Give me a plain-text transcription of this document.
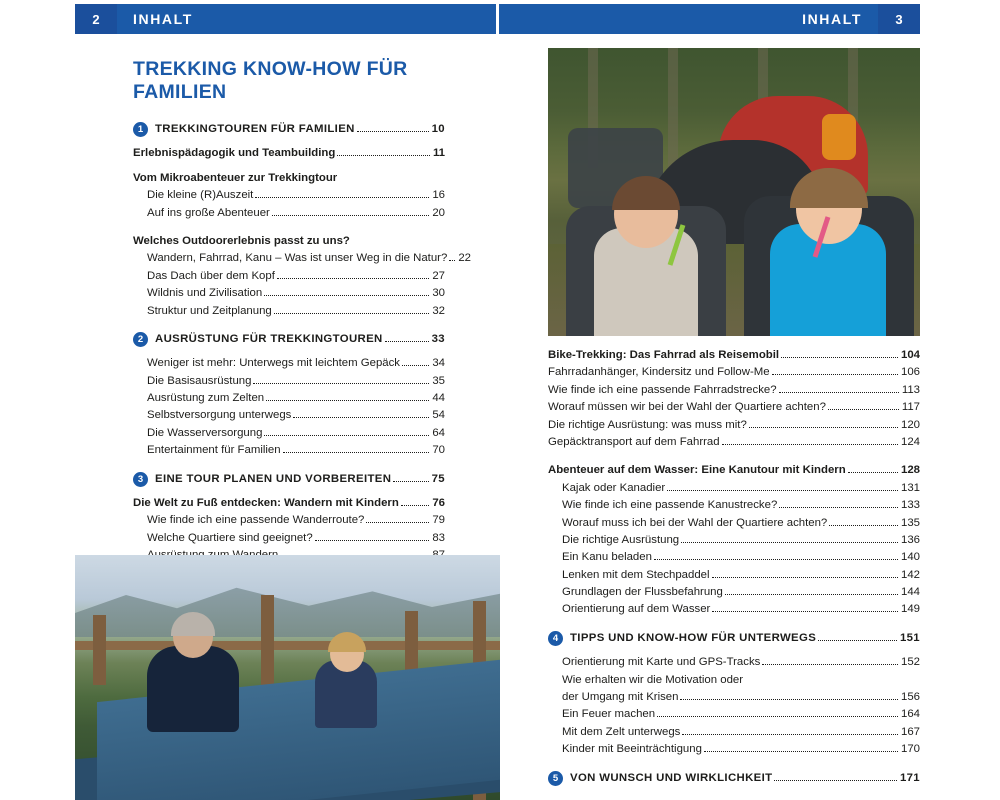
2	INHALT	INHALT	3
TREKKING KNOW-HOW FÜR FAMILIEN
1	TREKKINGTOUREN FÜR FAMILIEN	10
Erlebnispädagogik und Teambuilding	11
Vom Mikroabenteuer zur Trekkingtour
Die kleine (R)Auszeit	16
Auf ins große Abenteuer	20
Welches Outdoorerlebnis passt zu uns?
Wandern, Fahrrad, Kanu – Was ist unser Weg in die Natur? 22
Das Dach über dem Kopf	27
Wildnis und Zivilisation	30
Struktur und Zeitplanung	32
2	AUSRÜSTUNG FÜR TREKKINGTOUREN	33
Weniger ist mehr: Unterwegs mit leichtem Gepäck	34
Die Basisausrüstung	35
Ausrüstung zum Zelten	44
Selbstversorgung unterwegs	54
Die Wasserversorgung	64
Entertainment für Familien	70
3	EINE TOUR PLANEN UND VORBEREITEN	75
Die Welt zu Fuß entdecken: Wandern mit Kindern	76
Wie finde ich eine passende Wanderroute?	79
Welche Quartiere sind geeignet?	83
Bike-Trekking: Das Fahrrad als Reisemobil	104
Fahrradanhänger, Kindersitz und Follow-Me	106
Wie finde ich eine passende Fahrradstrecke?	113
Worauf müssen wir bei der Wahl der Quartiere achten?	117
Die richtige Ausrüstung: was muss mit?	120
Gepäcktransport auf dem Fahrrad	124
Abenteuer auf dem Wasser: Eine Kanutour mit Kindern	128
Kajak oder Kanadier	131
Wie finde ich eine passende Kanustrecke?	133
Worauf muss ich bei der Wahl der Quartiere achten?	135
Die richtige Ausrüstung	136
Ein Kanu beladen	140
Lenken mit dem Stechpaddel	142
Grundlagen der Flussbefahrung	144
Orientierung auf dem Wasser	149
4	TIPPS UND KNOW-HOW FÜR UNTERWEGS	151
Orientierung mit Karte und GPS-Tracks	152
Wie erhalten wir die Motivation oder
der Umgang mit Krisen	156
Ein Feuer machen	164
Mit dem Zelt unterwegs	167
Kinder mit Beeinträchtigung	170
5	VON WUNSCH UND WIRKLICHKEIT	171
